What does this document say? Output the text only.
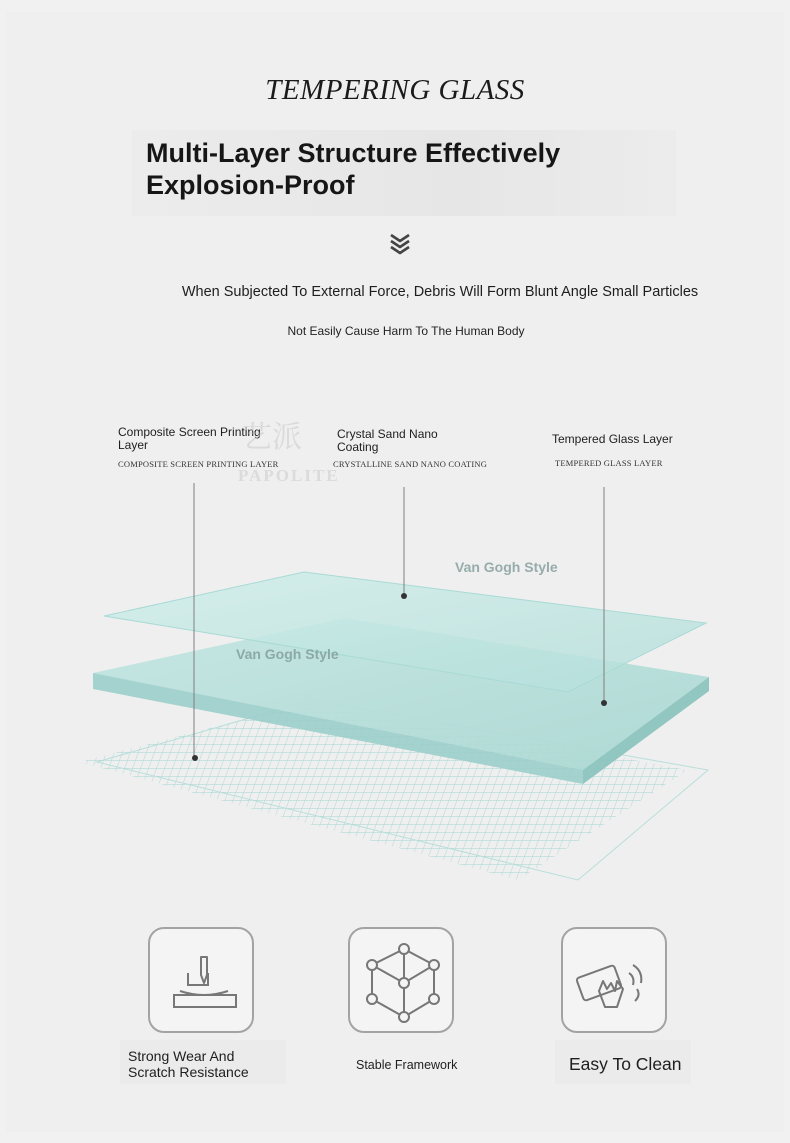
TEMPERING GLASS
Multi-Layer Structure Effectively
Explosion-Proof
When Subjected To External Force, Debris Will Form Blunt Angle Small Particles
Not Easily Cause Harm To The Human Body
Composite Screen Printing Layer
COMPOSITE SCREEN PRINTING LAYER
Crystal Sand Nano Coating
CRYSTALLINE SAND NANO COATING
Tempered Glass Layer
TEMPERED GLASS LAYER
艺派
PAPOLITE
Van Gogh Style
Van Gogh Style
Strong Wear And Scratch Resistance	Stable Framework	Easy To Clean
